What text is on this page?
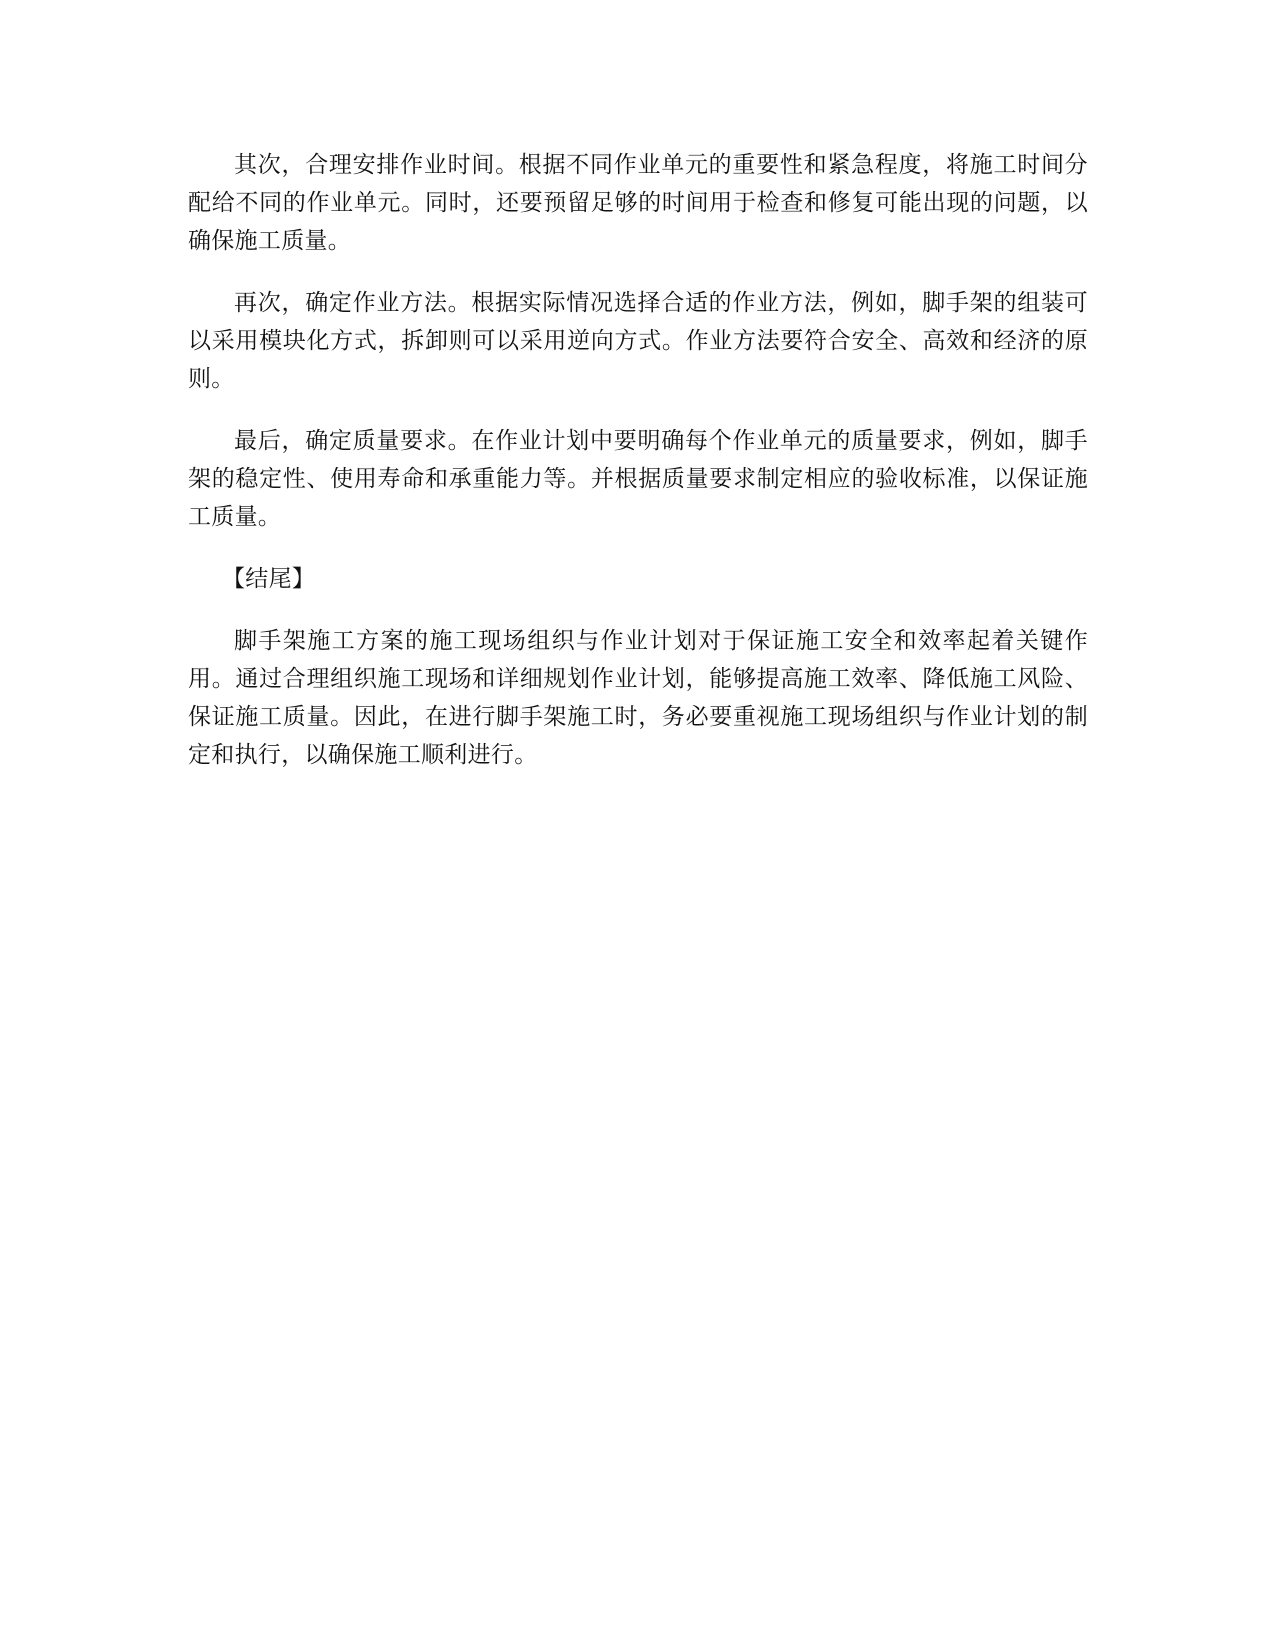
其次，合理安排作业时间。根据不同作业单元的重要性和紧急程度，将施工时间分配给不同的作业单元。同时，还要预留足够的时间用于检查和修复可能出现的问题，以确保施工质量。

再次，确定作业方法。根据实际情况选择合适的作业方法，例如，脚手架的组装可以采用模块化方式，拆卸则可以采用逆向方式。作业方法要符合安全、高效和经济的原则。

最后，确定质量要求。在作业计划中要明确每个作业单元的质量要求，例如，脚手架的稳定性、使用寿命和承重能力等。并根据质量要求制定相应的验收标准，以保证施工质量。

【结尾】

脚手架施工方案的施工现场组织与作业计划对于保证施工安全和效率起着关键作用。通过合理组织施工现场和详细规划作业计划，能够提高施工效率、降低施工风险、保证施工质量。因此，在进行脚手架施工时，务必要重视施工现场组织与作业计划的制定和执行，以确保施工顺利进行。
